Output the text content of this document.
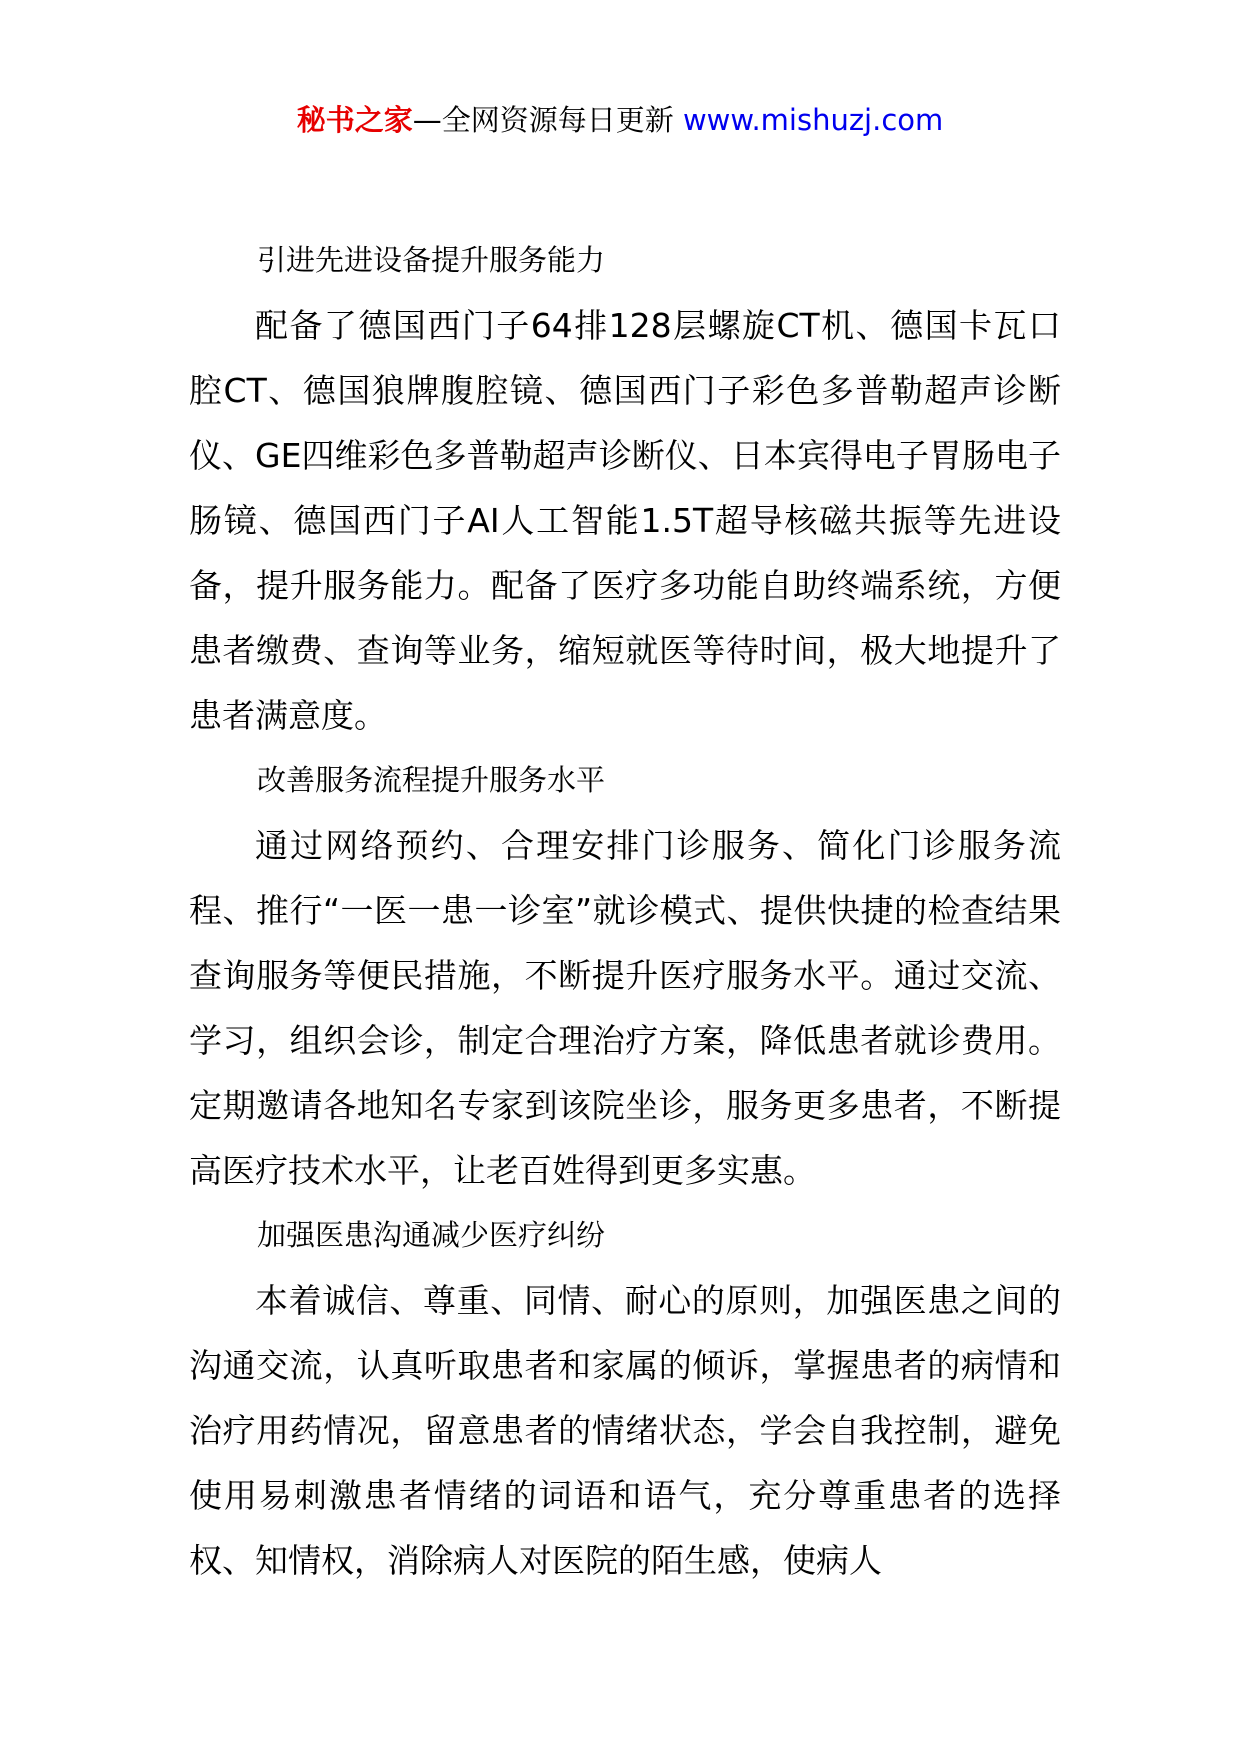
秘书之家—全网资源每日更新 www.mishuzj.com

引进先进设备提升服务能力

配备了德国西门子64排128层螺旋CT机、德国卡瓦口腔CT、德国狼牌腹腔镜、德国西门子彩色多普勒超声诊断仪、GE四维彩色多普勒超声诊断仪、日本宾得电子胃肠电子肠镜、德国西门子AI人工智能1.5T超导核磁共振等先进设备，提升服务能力。配备了医疗多功能自助终端系统，方便患者缴费、查询等业务，缩短就医等待时间，极大地提升了患者满意度。

改善服务流程提升服务水平

通过网络预约、合理安排门诊服务、简化门诊服务流程、推行“一医一患一诊室”就诊模式、提供快捷的检查结果查询服务等便民措施，不断提升医疗服务水平。通过交流、学习，组织会诊，制定合理治疗方案，降低患者就诊费用。定期邀请各地知名专家到该院坐诊，服务更多患者，不断提高医疗技术水平，让老百姓得到更多实惠。

加强医患沟通减少医疗纠纷

本着诚信、尊重、同情、耐心的原则，加强医患之间的沟通交流，认真听取患者和家属的倾诉，掌握患者的病情和治疗用药情况，留意患者的情绪状态，学会自我控制，避免使用易刺激患者情绪的词语和语气，充分尊重患者的选择权、知情权，消除病人对医院的陌生感，使病人
